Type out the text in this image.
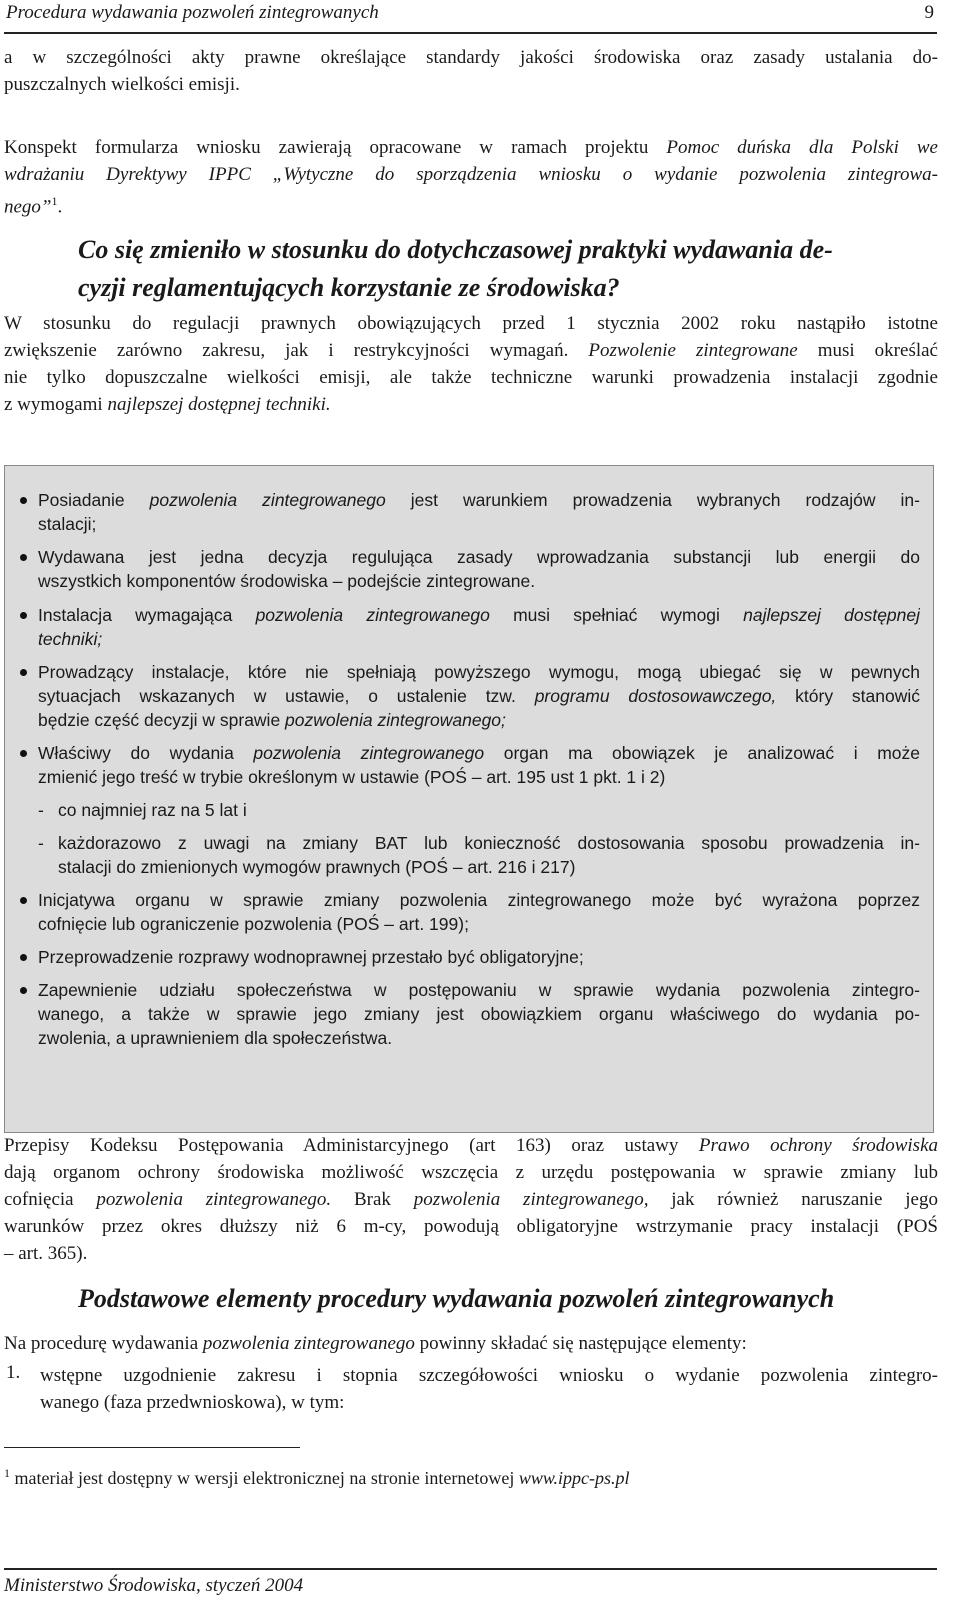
Procedura wydawania pozwoleń zintegrowanych	9
a w szczególności akty prawne określające standardy jakości środowiska oraz zasady ustalania do-
puszczalnych wielkości emisji.
Konspekt formularza wniosku zawierają opracowane w ramach projektu Pomoc duńska dla Polski we
wdrażaniu Dyrektywy IPPC „Wytyczne do sporządzenia wniosku o wydanie pozwolenia zintegrowa-
nego”$^1$.
Co się zmieniło w stosunku do dotychczasowej praktyki wydawania de-
cyzji reglamentujących korzystanie ze środowiska?
W stosunku do regulacji prawnych obowiązujących przed 1 stycznia 2002 roku nastąpiło istotne
zwiększenie zarówno zakresu, jak i restrykcyjności wymagań. Pozwolenie zintegrowane musi określać
nie tylko dopuszczalne wielkości emisji, ale także techniczne warunki prowadzenia instalacji zgodnie
z wymogami najlepszej dostępnej techniki.
Posiadanie pozwolenia zintegrowanego jest warunkiem prowadzenia wybranych rodzajów in-
stalacji;
Wydawana jest jedna decyzja regulująca zasady wprowadzania substancji lub energii do
wszystkich komponentów środowiska – podejście zintegrowane.
Instalacja wymagająca pozwolenia zintegrowanego musi spełniać wymogi najlepszej dostępnej
techniki;
Prowadzący instalacje, które nie spełniają powyższego wymogu, mogą ubiegać się w pewnych
sytuacjach wskazanych w ustawie, o ustalenie tzw. programu dostosowawczego, który stanowić
będzie część decyzji w sprawie pozwolenia zintegrowanego;
Właściwy do wydania pozwolenia zintegrowanego organ ma obowiązek je analizować i może
zmienić jego treść w trybie określonym w ustawie (POŚ – art. 195 ust 1 pkt. 1 i 2)
- co najmniej raz na 5 lat i
- każdorazowo z uwagi na zmiany BAT lub konieczność dostosowania sposobu prowadzenia in-
stalacji do zmienionych wymogów prawnych (POŚ – art. 216 i 217)
Inicjatywa organu w sprawie zmiany pozwolenia zintegrowanego może być wyrażona poprzez
cofnięcie lub ograniczenie pozwolenia (POŚ – art. 199);
Przeprowadzenie rozprawy wodnoprawnej przestało być obligatoryjne;
Zapewnienie udziału społeczeństwa w postępowaniu w sprawie wydania pozwolenia zintegro-
wanego, a także w sprawie jego zmiany jest obowiązkiem organu właściwego do wydania po-
zwolenia, a uprawnieniem dla społeczeństwa.
Przepisy Kodeksu Postępowania Administarcyjnego (art 163) oraz ustawy Prawo ochrony środowiska
dają organom ochrony środowiska możliwość wszczęcia z urzędu postępowania w sprawie zmiany lub
cofnięcia pozwolenia zintegrowanego. Brak pozwolenia zintegrowanego, jak również naruszanie jego
warunków przez okres dłuższy niż 6 m-cy, powodują obligatoryjne wstrzymanie pracy instalacji (POŚ
– art. 365).
Podstawowe elementy procedury wydawania pozwoleń zintegrowanych
Na procedurę wydawania pozwolenia zintegrowanego powinny składać się następujące elementy:
1. wstępne uzgodnienie zakresu i stopnia szczegółowości wniosku o wydanie pozwolenia zintegro-
wanego (faza przedwnioskowa), w tym:
$^1$ materiał jest dostępny w wersji elektronicznej na stronie internetowej www.ippc-ps.pl
Ministerstwo Środowiska, styczeń 2004
